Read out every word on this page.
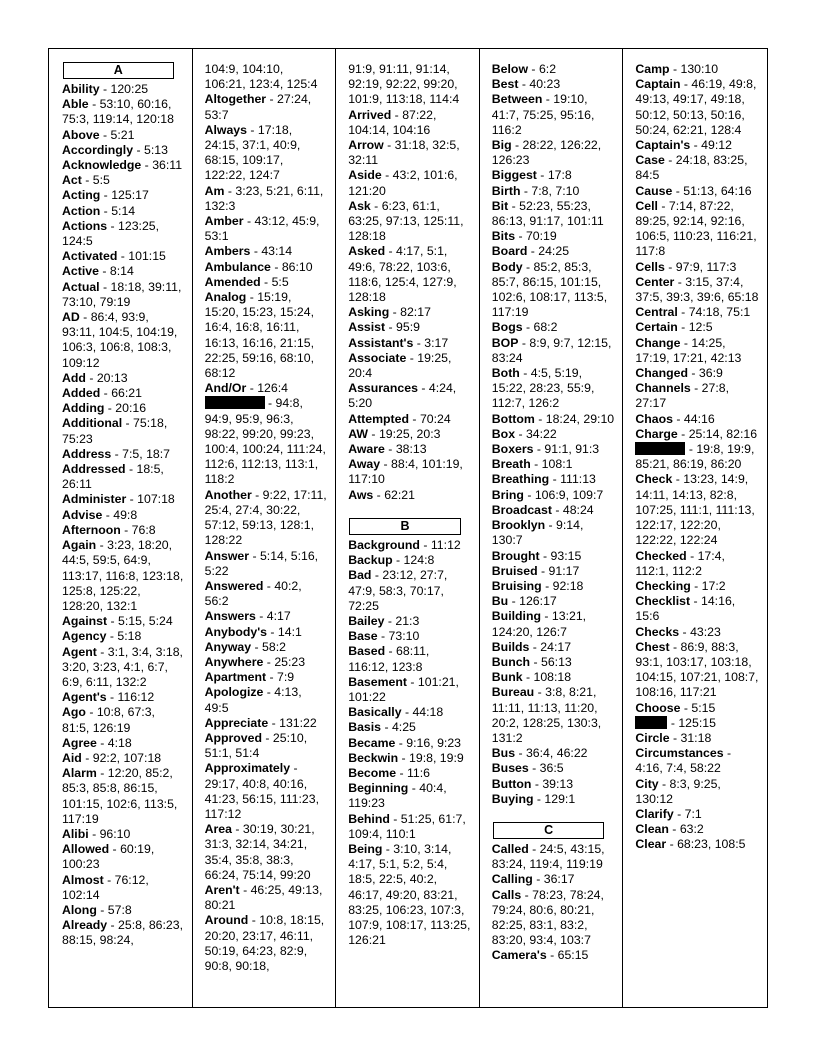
A

Ability - 120:25

Able - 53:10, 60:16, 75:3, 119:14, 120:18

Above - 5:21

Accordingly - 5:13

Acknowledge - 36:11

Act - 5:5

Acting - 125:17

Action - 5:14

Actions - 123:25, 124:5

Activated - 101:15

Active - 8:14

Actual - 18:18, 39:11, 73:10, 79:19

AD - 86:4, 93:9, 93:11, 104:5, 104:19, 106:3, 106:8, 108:3, 109:12

Add - 20:13

Added - 66:21

Adding - 20:16

Additional - 75:18, 75:23

Address - 7:5, 18:7

Addressed - 18:5, 26:11

Administer - 107:18

Advise - 49:8

Afternoon - 76:8

Again - 3:23, 18:20, 44:5, 59:5, 64:9, 113:17, 116:8, 123:18, 125:8, 125:22, 128:20, 132:1

Against - 5:15, 5:24

Agency - 5:18

Agent - 3:1, 3:4, 3:18, 3:20, 3:23, 4:1, 6:7, 6:9, 6:11, 132:2

Agent's - 116:12

Ago - 10:8, 67:3, 81:5, 126:19

Agree - 4:18

Aid - 92:2, 107:18

Alarm - 12:20, 85:2, 85:3, 85:8, 86:15, 101:15, 102:6, 113:5, 117:19

Alibi - 96:10

Allowed - 60:19, 100:23

Almost - 76:12, 102:14

Along - 57:8

Already - 25:8, 86:23, 88:15, 98:24,

104:9, 104:10, 106:21, 123:4, 125:4

Altogether - 27:24, 53:7

Always - 17:18, 24:15, 37:1, 40:9, 68:15, 109:17, 122:22, 124:7

Am - 3:23, 5:21, 6:11, 132:3

Amber - 43:12, 45:9, 53:1

Ambers - 43:14

Ambulance - 86:10

Amended - 5:5

Analog - 15:19, 15:20, 15:23, 15:24, 16:4, 16:8, 16:11, 16:13, 16:16, 21:15, 22:25, 59:16, 68:10, 68:12

And/Or - 126:4

- 94:8, 94:9, 95:9, 96:3, 98:22, 99:20, 99:23, 100:4, 100:24, 111:24, 112:6, 112:13, 113:1, 118:2

Another - 9:22, 17:11, 25:4, 27:4, 30:22, 57:12, 59:13, 128:1, 128:22

Answer - 5:14, 5:16, 5:22

Answered - 40:2, 56:2

Answers - 4:17

Anybody's - 14:1

Anyway - 58:2

Anywhere - 25:23

Apartment - 7:9

Apologize - 4:13, 49:5

Appreciate - 131:22

Approved - 25:10, 51:1, 51:4

Approximately - 29:17, 40:8, 40:16, 41:23, 56:15, 111:23, 117:12

Area - 30:19, 30:21, 31:3, 32:14, 34:21, 35:4, 35:8, 38:3, 66:24, 75:14, 99:20

Aren't - 46:25, 49:13, 80:21

Around - 10:8, 18:15, 20:20, 23:17, 46:11, 50:19, 64:23, 82:9, 90:8, 90:18,

91:9, 91:11, 91:14, 92:19, 92:22, 99:20, 101:9, 113:18, 114:4

Arrived - 87:22, 104:14, 104:16

Arrow - 31:18, 32:5, 32:11

Aside - 43:2, 101:6, 121:20

Ask - 6:23, 61:1, 63:25, 97:13, 125:11, 128:18

Asked - 4:17, 5:1, 49:6, 78:22, 103:6, 118:6, 125:4, 127:9, 128:18

Asking - 82:17

Assist - 95:9

Assistant's - 3:17

Associate - 19:25, 20:4

Assurances - 4:24, 5:20

Attempted - 70:24

AW - 19:25, 20:3

Aware - 38:13

Away - 88:4, 101:19, 117:10

Aws - 62:21

B

Background - 11:12

Backup - 124:8

Bad - 23:12, 27:7, 47:9, 58:3, 70:17, 72:25

Bailey - 21:3

Base - 73:10

Based - 68:11, 116:12, 123:8

Basement - 101:21, 101:22

Basically - 44:18

Basis - 4:25

Became - 9:16, 9:23

Beckwin - 19:8, 19:9

Become - 11:6

Beginning - 40:4, 119:23

Behind - 51:25, 61:7, 109:4, 110:1

Being - 3:10, 3:14, 4:17, 5:1, 5:2, 5:4, 18:5, 22:5, 40:2, 46:17, 49:20, 83:21, 83:25, 106:23, 107:3, 107:9, 108:17, 113:25, 126:21

Below - 6:2

Best - 40:23

Between - 19:10, 41:7, 75:25, 95:16, 116:2

Big - 28:22, 126:22, 126:23

Biggest - 17:8

Birth - 7:8, 7:10

Bit - 52:23, 55:23, 86:13, 91:17, 101:11

Bits - 70:19

Board - 24:25

Body - 85:2, 85:3, 85:7, 86:15, 101:15, 102:6, 108:17, 113:5, 117:19

Bogs - 68:2

BOP - 8:9, 9:7, 12:15, 83:24

Both - 4:5, 5:19, 15:22, 28:23, 55:9, 112:7, 126:2

Bottom - 18:24, 29:10

Box - 34:22

Boxers - 91:1, 91:3

Breath - 108:1

Breathing - 111:13

Bring - 106:9, 109:7

Broadcast - 48:24

Brooklyn - 9:14, 130:7

Brought - 93:15

Bruised - 91:17

Bruising - 92:18

Bu - 126:17

Building - 13:21, 124:20, 126:7

Builds - 24:17

Bunch - 56:13

Bunk - 108:18

Bureau - 3:8, 8:21, 11:11, 11:13, 11:20, 20:2, 128:25, 130:3, 131:2

Bus - 36:4, 46:22

Buses - 36:5

Button - 39:13

Buying - 129:1

C

Called - 24:5, 43:15, 83:24, 119:4, 119:19

Calling - 36:17

Calls - 78:23, 78:24, 79:24, 80:6, 80:21, 82:25, 83:1, 83:2, 83:20, 93:4, 103:7

Camera's - 65:15

Camp - 130:10

Captain - 46:19, 49:8, 49:13, 49:17, 49:18, 50:12, 50:13, 50:16, 50:24, 62:21, 128:4

Captain's - 49:12

Case - 24:18, 83:25, 84:5

Cause - 51:13, 64:16

Cell - 7:14, 87:22, 89:25, 92:14, 92:16, 106:5, 110:23, 116:21, 117:8

Cells - 97:9, 117:3

Center - 3:15, 37:4, 37:5, 39:3, 39:6, 65:18

Central - 74:18, 75:1

Certain - 12:5

Change - 14:25, 17:19, 17:21, 42:13

Changed - 36:9

Channels - 27:8, 27:17

Chaos - 44:16

Charge - 25:14, 82:16

- 19:8, 19:9, 85:21, 86:19, 86:20

Check - 13:23, 14:9, 14:11, 14:13, 82:8, 107:25, 111:1, 111:13, 122:17, 122:20, 122:22, 122:24

Checked - 17:4, 112:1, 112:2

Checking - 17:2

Checklist - 14:16, 15:6

Checks - 43:23

Chest - 86:9, 88:3, 93:1, 103:17, 103:18, 104:15, 107:21, 108:7, 108:16, 117:21

Choose - 5:15

- 125:15

Circle - 31:18

Circumstances - 4:16, 7:4, 58:22

City - 8:3, 9:25, 130:12

Clarify - 7:1

Clean - 63:2

Clear - 68:23, 108:5
